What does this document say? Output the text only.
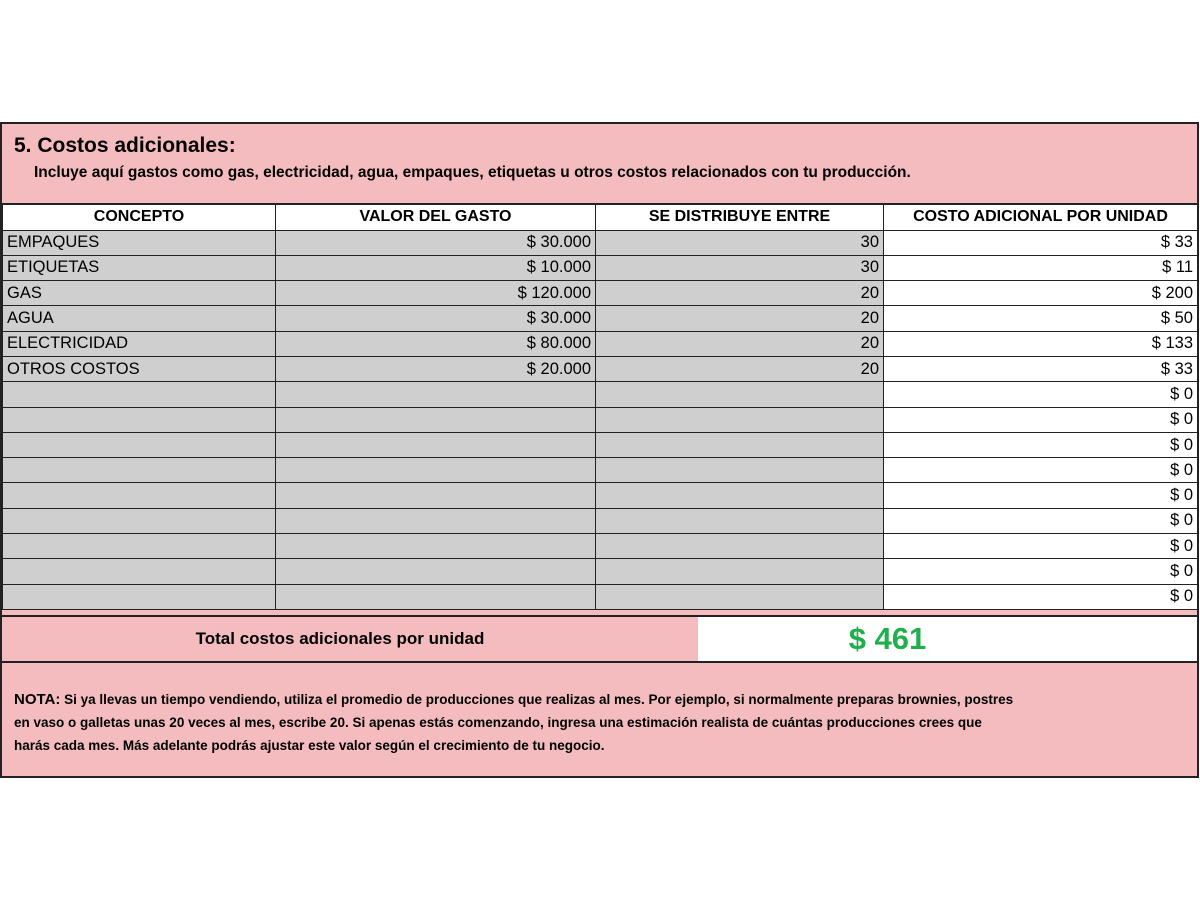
5. Costos adicionales:
Incluye aquí gastos como gas, electricidad, agua, empaques, etiquetas u otros costos relacionados con tu producción.
CONCEPTO	VALOR DEL GASTO	SE DISTRIBUYE ENTRE	COSTO ADICIONAL POR UNIDAD
EMPAQUES	$ 30.000	30	$ 33
ETIQUETAS	$ 10.000	30	$ 11
GAS	$ 120.000	20	$ 200
AGUA	$ 30.000	20	$ 50
ELECTRICIDAD	$ 80.000	20	$ 133
OTROS COSTOS	$ 20.000	20	$ 33
			$ 0
			$ 0
			$ 0
			$ 0
			$ 0
			$ 0
			$ 0
			$ 0
			$ 0
Total costos adicionales por unidad	$ 461
NOTA: Si ya llevas un tiempo vendiendo, utiliza el promedio de producciones que realizas al mes. Por ejemplo, si normalmente preparas brownies, postres en vaso o galletas unas 20 veces al mes, escribe 20. Si apenas estás comenzando, ingresa una estimación realista de cuántas producciones crees que harás cada mes. Más adelante podrás ajustar este valor según el crecimiento de tu negocio.
